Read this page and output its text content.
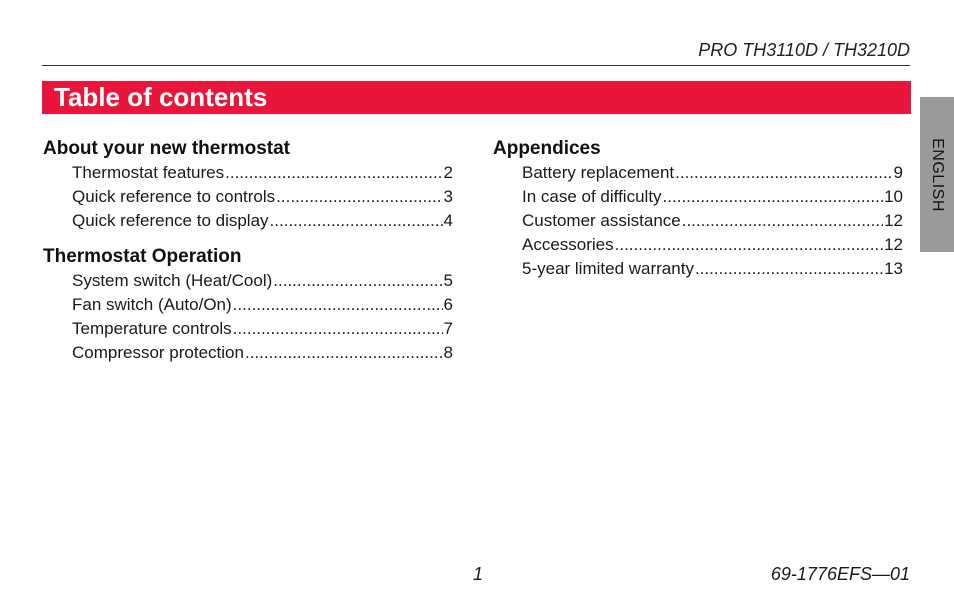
PRO TH3110D / TH3210D
Table of contents
ENGLISH
About your new thermostat
Thermostat features .....	2
Quick reference to controls .....	3
Quick reference to display .....	4
Thermostat Operation
System switch (Heat/Cool) .....	5
Fan switch (Auto/On) .....	6
Temperature controls .....	7
Compressor protection .....	8
Appendices
Battery replacement .....	9
In case of difficulty .....	10
Customer assistance .....	12
Accessories .....	.12
5-year limited warranty .....	13
1	69-1776EFS—01
